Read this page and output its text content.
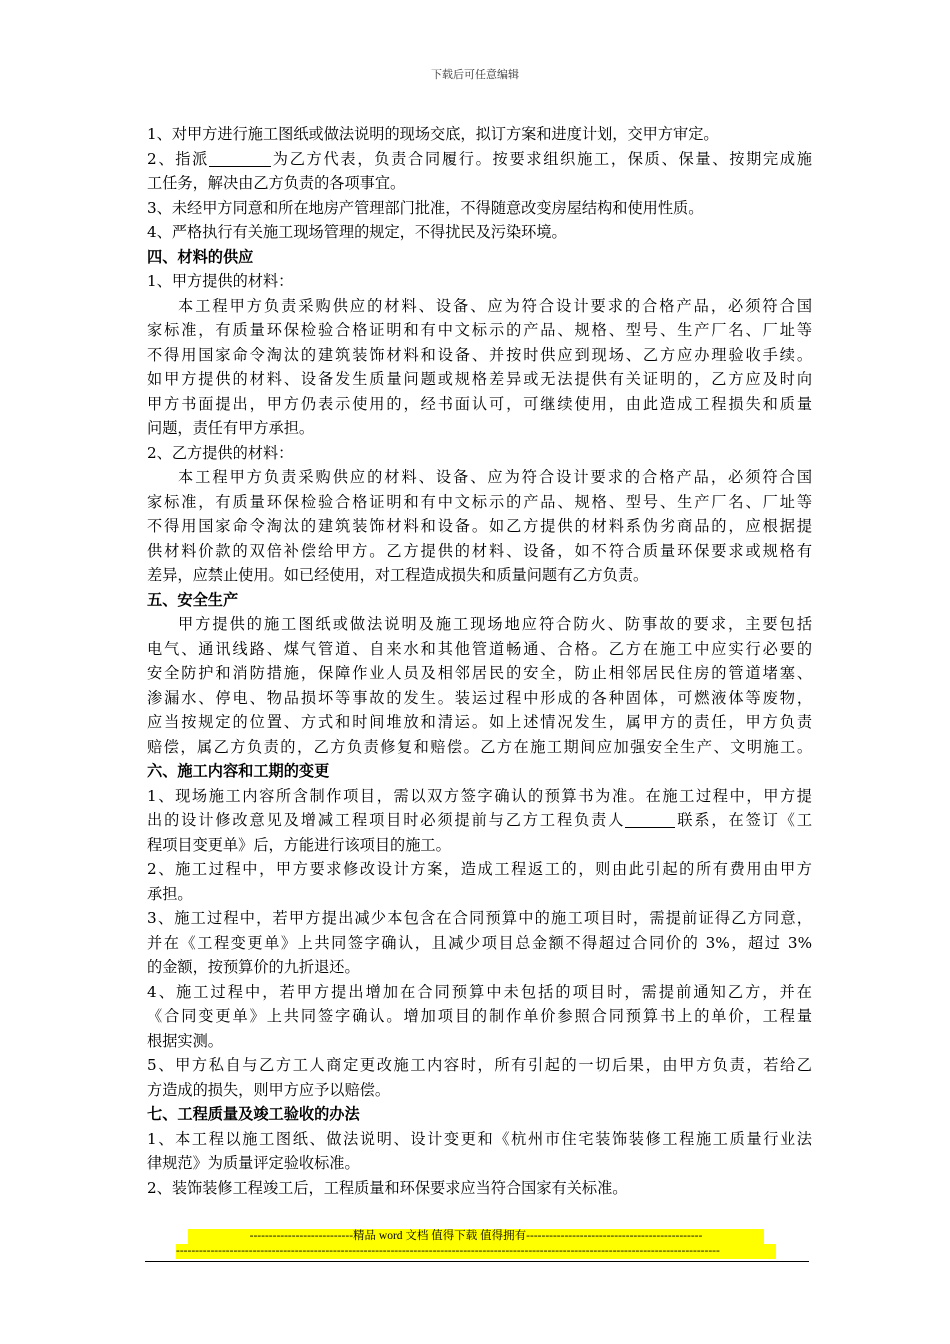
下载后可任意编辑
1、对甲方进行施工图纸或做法说明的现场交底，拟订方案和进度计划，交甲方审定。
2、指派	为乙方代表，负责合同履行。按要求组织施工，保质、保量、按期完成施
工任务，解决由乙方负责的各项事宜。
3、未经甲方同意和所在地房产管理部门批准，不得随意改变房屋结构和使用性质。
4、严格执行有关施工现场管理的规定，不得扰民及污染环境。
四、材料的供应
1、甲方提供的材料：
本工程甲方负责采购供应的材料、设备、应为符合设计要求的合格产品，必须符合国
家标准，有质量环保检验合格证明和有中文标示的产品、规格、型号、生产厂名、厂址等
不得用国家命令淘汰的建筑装饰材料和设备、并按时供应到现场、乙方应办理验收手续。
如甲方提供的材料、设备发生质量问题或规格差异或无法提供有关证明的，乙方应及时向
甲方书面提出，甲方仍表示使用的，经书面认可，可继续使用，由此造成工程损失和质量
问题，责任有甲方承担。
2、乙方提供的材料：
本工程甲方负责采购供应的材料、设备、应为符合设计要求的合格产品，必须符合国
家标准，有质量环保检验合格证明和有中文标示的产品、规格、型号、生产厂名、厂址等
不得用国家命令淘汰的建筑装饰材料和设备。如乙方提供的材料系伪劣商品的，应根据提
供材料价款的双倍补偿给甲方。乙方提供的材料、设备，如不符合质量环保要求或规格有
差异，应禁止使用。如已经使用，对工程造成损失和质量问题有乙方负责。
五、安全生产
甲方提供的施工图纸或做法说明及施工现场地应符合防火、防事故的要求，主要包括
电气、通讯线路、煤气管道、自来水和其他管道畅通、合格。乙方在施工中应实行必要的
安全防护和消防措施，保障作业人员及相邻居民的安全，防止相邻居民住房的管道堵塞、
渗漏水、停电、物品损坏等事故的发生。装运过程中形成的各种固体，可燃液体等废物，
应当按规定的位置、方式和时间堆放和清运。如上述情况发生，属甲方的责任，甲方负责
赔偿，属乙方负责的，乙方负责修复和赔偿。乙方在施工期间应加强安全生产、文明施工。
六、施工内容和工期的变更
1、现场施工内容所含制作项目，需以双方签字确认的预算书为准。在施工过程中，甲方提
出的设计修改意见及增减工程项目时必须提前与乙方工程负责人	联系，在签订《工
程项目变更单》后，方能进行该项目的施工。
2、施工过程中，甲方要求修改设计方案，造成工程返工的，则由此引起的所有费用由甲方
承担。
3、施工过程中，若甲方提出减少本包含在合同预算中的施工项目时，需提前证得乙方同意，
并在《工程变更单》上共同签字确认，且减少项目总金额不得超过合同价的 3%，超过 3%
的金额，按预算价的九折退还。
4、施工过程中，若甲方提出增加在合同预算中未包括的项目时，需提前通知乙方，并在
《合同变更单》上共同签字确认。增加项目的制作单价参照合同预算书上的单价，工程量
根据实测。
5、甲方私自与乙方工人商定更改施工内容时，所有引起的一切后果，由甲方负责，若给乙
方造成的损失，则甲方应予以赔偿。
七、工程质量及竣工验收的办法
1、本工程以施工图纸、做法说明、设计变更和《杭州市住宅装饰装修工程施工质量行业法
律规范》为质量评定验收标准。
2、装饰装修工程竣工后，工程质量和环保要求应当符合国家有关标准。
---------------------------精品 word 文档 值得下载 值得拥有----------------------------------------------
----------------------------------------------------------------------------------------------------------------------------------------------
